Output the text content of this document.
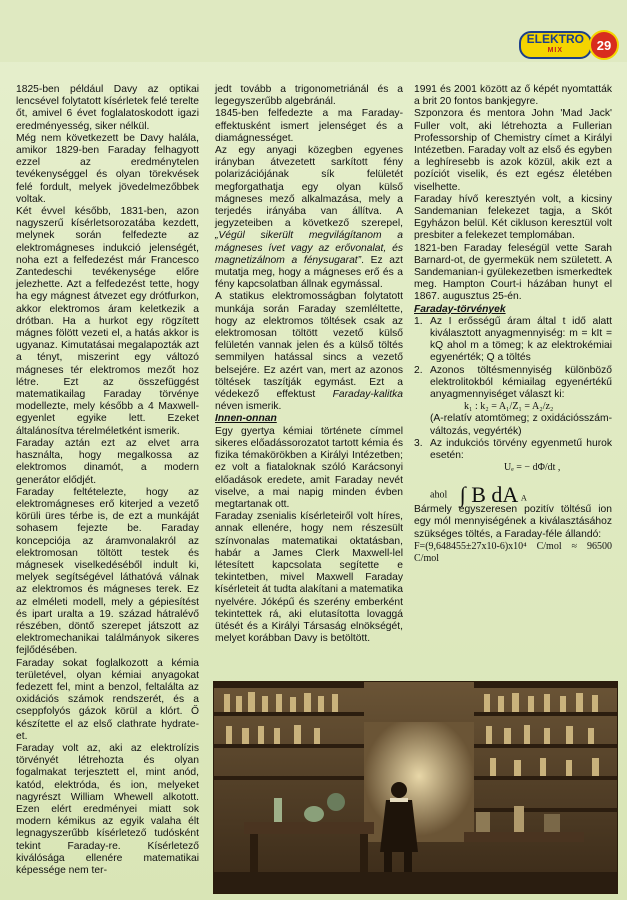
ELEKTRO
MIX	29

1825-ben például Davy az optikai lencsével folytatott kísérletek felé terelte őt, amivel 6 évet foglalatoskodott igazi eredményesség, siker nélkül.

Még nem következett be Davy halála, amikor 1829-ben Faraday felhagyott ezzel az eredménytelen tevékenységgel és olyan törekvések felé fordult, melyek jövedelmezőbbek voltak.

Két évvel később, 1831-ben, azon nagyszerű kísérletsorozatába kezdett, melynek során felfedezte az elektromágneses indukció jelenségét, noha ezt a felfedezést már Francesco Zantedeschi tevékenysége előre jelezhette. Azt a felfedezést tette, hogy ha egy mágnest átvezet egy drótfurkon, akkor elektromos áram keletkezik a drótban. Ha a hurkot egy rögzített mágnes fölött vezeti el, a hatás akkor is ugyanaz. Kimutatásai megalapozták azt a tényt, miszerint egy változó mágneses tér elektromos mezőt hoz létre. Ezt az összefüggést matematikailag Faraday törvénye modellezte, mely később a 4 Maxwell-egyenlet egyike lett. Ezeket általánosítva térelméletként ismerik.

Faraday aztán ezt az elvet arra használta, hogy megalkossa az elektromos dinamót, a modern generátor elődjét.

Faraday feltételezte, hogy az elektromágneses erő kiterjed a vezető körüli üres térbe is, de ezt a munkáját sohasem fejezte be. Faraday koncepciója az áramvonalakról az elektromosan töltött testek és mágnesek viselkedéséből indult ki, melyek segítségével láthatóvá válnak az elektromos és mágneses terek. Ez az elméleti modell, mely a gépiesítést és ipart uralta a 19. század hátralévő részében, döntő szerepet játszott az elektromechanikai találmányok sikeres fejlődésében.

Faraday sokat foglalkozott a kémia területével, olyan kémiai anyagokat fedezett fel, mint a benzol, feltalálta az oxidációs számok rendszerét, és a cseppfolyós gázok körül a klórt. Ő készítette el az első clathrate hydrate-et.

Faraday volt az, aki az elektrolízis törvényét létrehozta és olyan fogalmakat terjesztett el, mint anód, katód, elektróda, és ion, melyeket nagyrészt William Whewell alkotott. Ezen elért eredményei miatt sok modern kémikus az egyik valaha élt legnagyszerűbb kísérletező tudósként tekint Faraday-re. Kísérletező kiválósága ellenére matematikai képessége nem ter-

jedt tovább a trigonometriánál és a legegyszerűbb algebránál.

1845-ben felfedezte a ma Faraday-effektusként ismert jelenséget és a diamágnességet.

Az egy anyagi közegben egyenes irányban átvezetett sarkított fény polarizációjának sík felületét megforgathatja egy olyan külső mágneses mező alkalmazása, mely a terjedés irányába van állítva. A jegyzeteiben a következő szerepel, „Végül sikerült megvilágítanom a mágneses ívet vagy az erővonalat, és magnetizálnom a fénysugarat”. Ez azt mutatja meg, hogy a mágneses erő és a fény kapcsolatban állnak egymással.

A statikus elektromosságban folytatott munkája során Faraday szemléltette, hogy az elektromos töltések csak az elektromosan töltött vezető külső felületén vannak jelen és a külső töltés semmilyen hatással sincs a vezető belsejére. Ez azért van, mert az azonos töltések taszítják egymást. Ezt a védekező effektust Faraday-kalitka néven ismerik.

Innen-onnan

Egy gyertya kémiai története címmel sikeres előadássorozatot tartott kémia és fizika témakörökben a Királyi Intézetben; ez volt a fiataloknak szóló Karácsonyi előadások eredete, amit Faraday nevét viselve, a mai napig minden évben megtartanak ott.

Faraday zsenialis kísérleteiről volt híres, annak ellenére, hogy nem részesült színvonalas matematikai oktatásban, habár a James Clerk Maxwell-lel létesített kapcsolata segítette e tekintetben, mivel Maxwell Faraday kísérleteit át tudta alakítani a matematika nyelvére. Jóképű és szerény emberként tekintettek rá, aki elutasította lovaggá ütését és a Királyi Társaság elnökségét, melyet korábban Davy is betöltött.

1991 és 2001 között az ő képét nyomtatták a brit 20 fontos bankjegyre.

Szponzora és mentora John 'Mad Jack' Fuller volt, aki létrehozta a Fullerian Professorship of Chemistry címet a Királyi Intézetben. Faraday volt az első és egyben a leghíresebb is azok közül, akik ezt a pozíciót viselik, és ezt egész életében viselhette.

Faraday hívő keresztyén volt, a kicsiny Sandemanian felekezet tagja, a Skót Egyházon belül. Két cikluson keresztül volt presbiter a felekezet templomában.

1821-ben Faraday feleségül vette Sarah Barnard-ot, de gyermekük nem született. A Sandemanian-i gyülekezetben ismerkedtek meg. Hampton Court-i házában hunyt el 1867. augusztus 25-én.

Faraday-törvények

1. Az I erősségű áram által t idő alatt kiválasztott anyagmennyiség: m = kIt = kQ ahol m a tömeg; k az elektrokémiai egyenérték; Q a töltés
2. Azonos töltésmennyiség különböző elektrolitokból kémiailag egyenértékű anyagmennyiséget választ ki:

k₁ : k₂ = A₁/Z₁ = A₂/z₂

(A-relatív atomtömeg; z oxidációsszám-változás, vegyérték)

3. Az indukciós törvény egyenmetű hurok esetén:

Uₑ = − dΦ/dt ,

ahol ∫ B dA $_A$

Bármely egyszeresen pozitív töltésű ion egy mól mennyiségének a kiválasztásához szükséges töltés, a Faraday-féle állandó:

F=(9,648455±27x10-6)x10⁴ C/mol ≈ 96500 C/mol
